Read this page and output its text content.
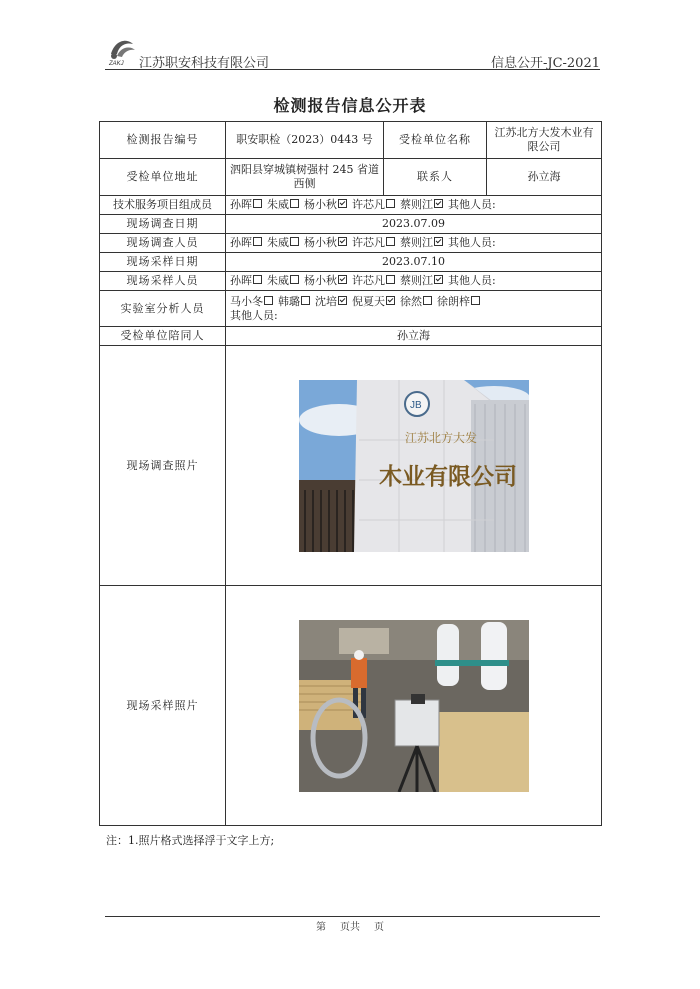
ZAKJ 江苏职安科技有限公司	信息公开-JC-2021
检测报告信息公开表
检测报告编号	职安职检（2023）0443 号	受检单位名称	江苏北方大发木业有限公司
受检单位地址	泗阳县穿城镇树强村 245 省道西侧	联系人	孙立海
技术服务项目组成员	孙晖 朱威 杨小秋 许芯凡 蔡则江 其他人员:		
现场调查日期	2023.07.09		
现场调查人员	孙晖 朱威 杨小秋 许芯凡 蔡则江 其他人员:		
现场采样日期	2023.07.10		
现场采样人员	孙晖 朱威 杨小秋 许芯凡 蔡则江 其他人员:		
实验室分析人员	马小冬 韩璐 沈培 倪夏天 徐然 徐朗梓
其他人员:		
受检单位陪同人	孙立海		
现场调查照片	JB
江苏北方大发
木业有限公司		

现场采样照片	
注：1.照片格式选择浮于文字上方;
第 页共 页
